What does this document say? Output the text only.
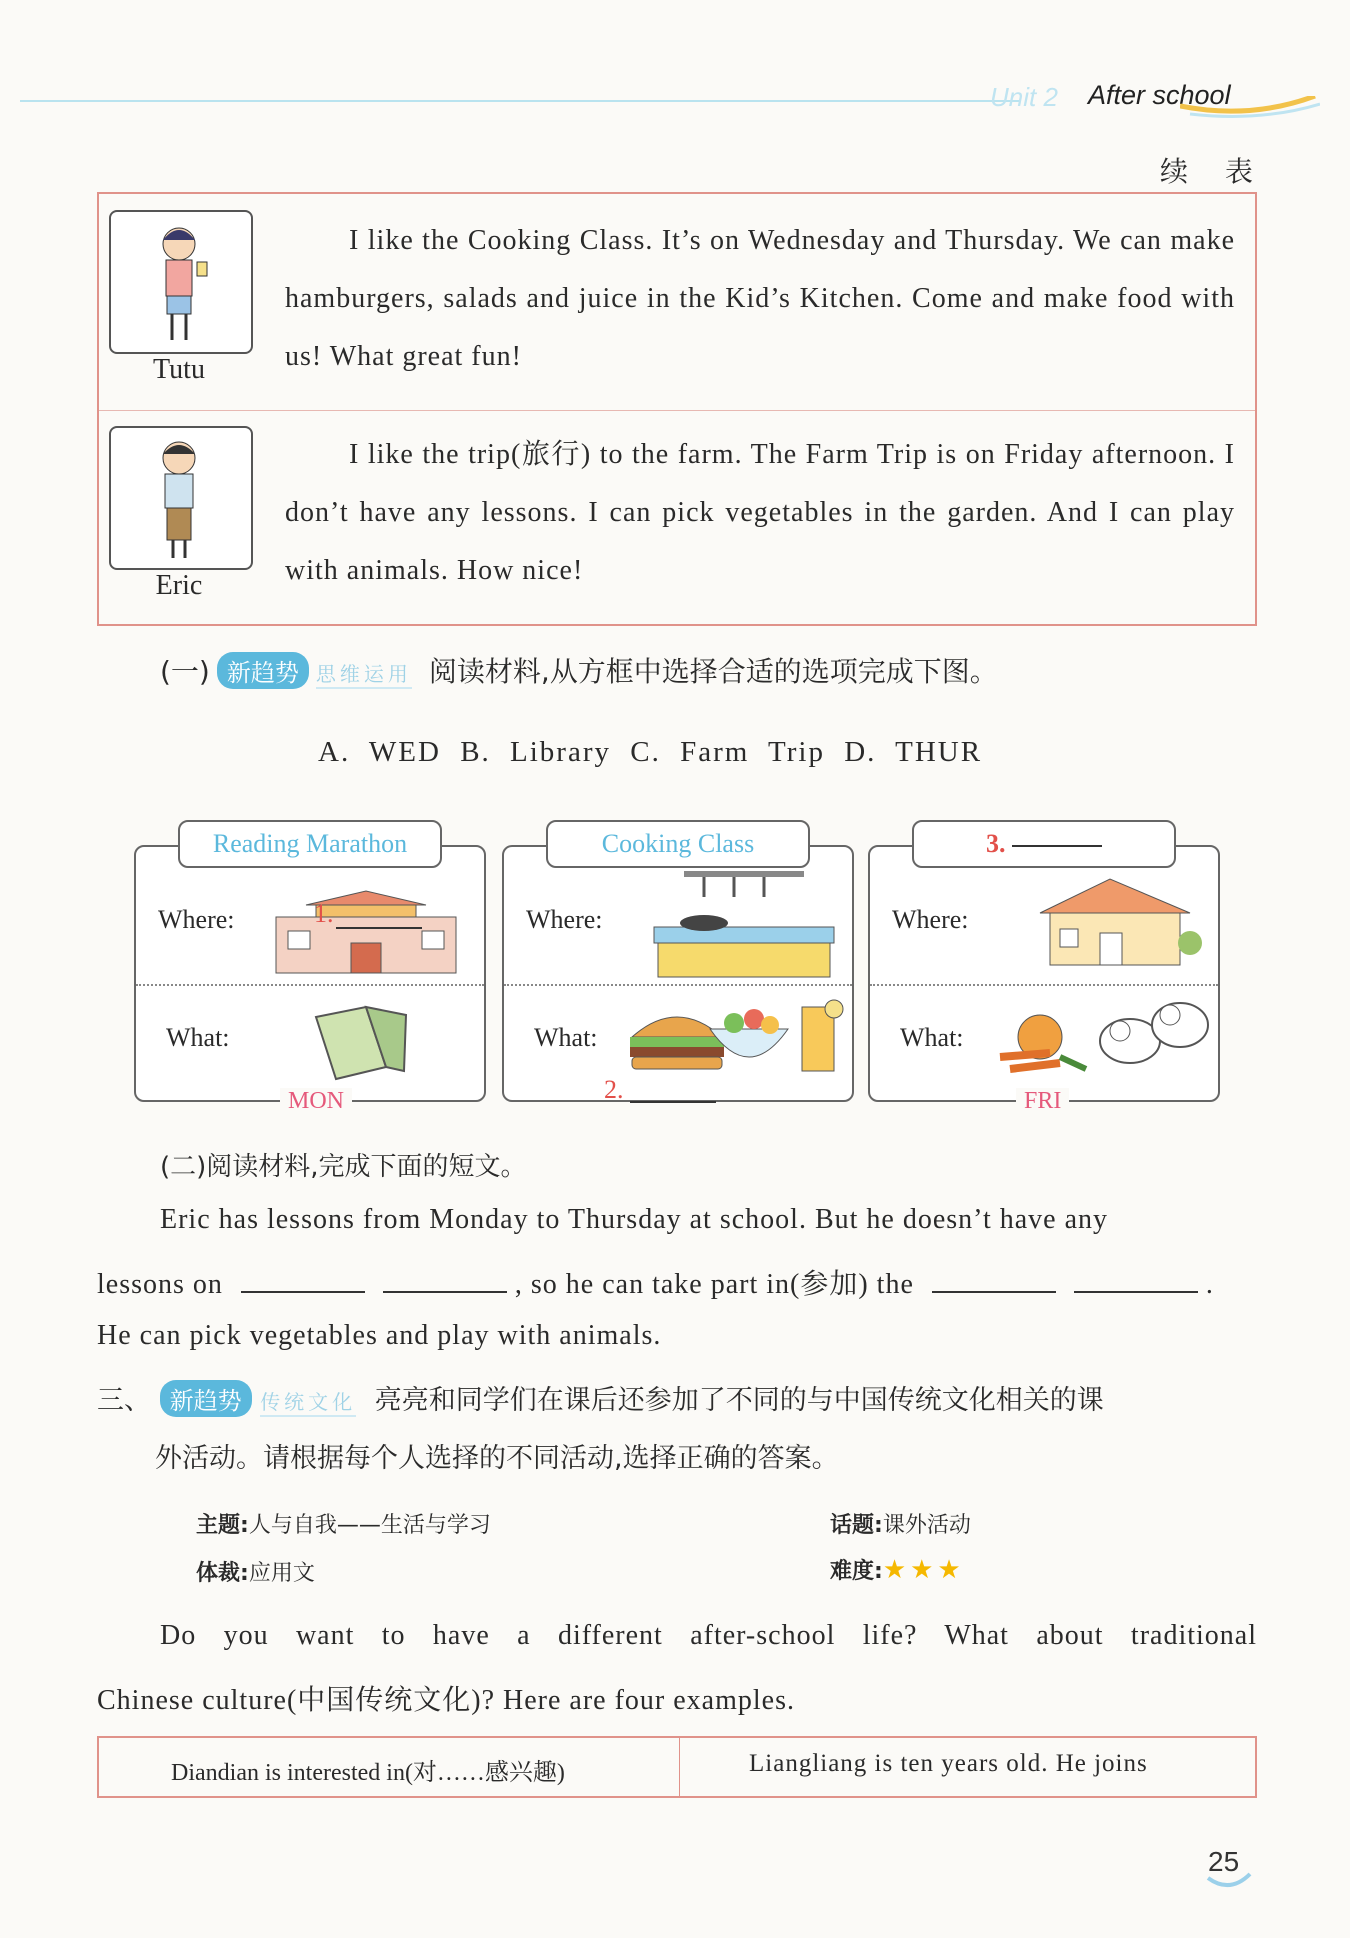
Unit 2 After school
续 表
Tutu
I like the Cooking Class. It’s on Wednesday and Thursday. We can make hamburgers, salads and juice in the Kid’s Kitchen. Come and make food with us! What great fun!
Eric
I like the trip(旅行) to the farm. The Farm Trip is on Friday afternoon. I don’t have any lessons. I can pick vegetables in the garden. And I can play with animals. How nice!
(一) 新趋势 思维运用 阅读材料,从方框中选择合适的选项完成下图。
A. WED B. Library C. Farm Trip D. THUR
Where:
What:
1.
Reading Marathon
MON
Where:
What:
2.
Cooking Class
Where:
What:
3.
FRI
(二)阅读材料,完成下面的短文。
Eric has lessons from Monday to Thursday at school. But he doesn’t have any
lessons on	, so he can take part in(参加) the	.
He can pick vegetables and play with animals.
三、 新趋势 传统文化 亮亮和同学们在课后还参加了不同的与中国传统文化相关的课
外活动。请根据每个人选择的不同活动,选择正确的答案。
主题:人与自我——生活与学习	话题:课外活动
体裁:应用文	难度:★★★
Do you want to have a different after-school life? What about traditional
Chinese culture(中国传统文化)? Here are four examples.
Diandian is interested in(对……感兴趣)	Liangliang is ten years old. He joins
25
